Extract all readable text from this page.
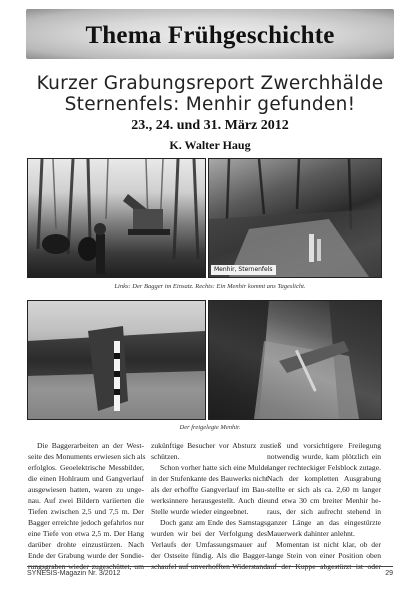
Thema Frühgeschichte
Kurzer Grabungsreport Zwerchhälde
Sternenfels: Menhir gefunden!
23., 24. und 31. März 2012
K. Walter Haug
Menhir, Sternenfels
Links: Der Bagger im Einsatz. Rechts: Ein Menhir kommt ans Tageslicht.
Der freigelegte Menhir.
Die Baggerarbeiten an der West-
seite des Monuments erwiesen sich als
erfolglos. Geoelektrische Messbilder,
die einen Hohlraum und Gangverlauf
ausgewiesen hatten, waren zu unge-
nau. Auf zwei Bildern variierten die
Tiefen zwischen 2,5 und 7,5 m. Der
Bagger erreichte jedoch gefahrlos nur
eine Tiefe von etwa 2,5 m. Der Hang
darüber drohte einzustürzen. Nach
Ende der Grabung wurde der Sondie-
rungsgraben wieder zugeschüttet, um
zukünftige Besucher vor Absturz zu
schützen.
Schon vorher hatte sich eine Mulde
in der Stufenkante des Bauwerks nicht
als der erhoffte Gangverlauf im Bau-
werksinnere herausgestellt. Auch die
Stelle wurde wieder eingeebnet.
Doch ganz am Ende des Samstags
wurden wir bei der Verfolgung des
Verlaufs der Umfassungsmauer auf
der Ostseite fündig. Als die Bagger-
schaufel auf unverhofften Widerstand
stieß und vorsichtigere Freilegung
notwendig wurde, kam plötzlich ein
langer rechteckiger Felsblock zutage.
Nach der kompletten Ausgrabung
stellte er sich als ca. 2,60 m langer
und etwa 30 cm breiter Menhir he-
raus, der sich aufrecht stehend in
ganzer Länge an das eingestürzte
Mauerwerk dahinter anlehnt.
Momentan ist nicht klar, ob der
lange Stein von einer Position oben
auf der Kuppe abgestürzt ist oder
SYNESIS-Magazin Nr. 3/2012	29
